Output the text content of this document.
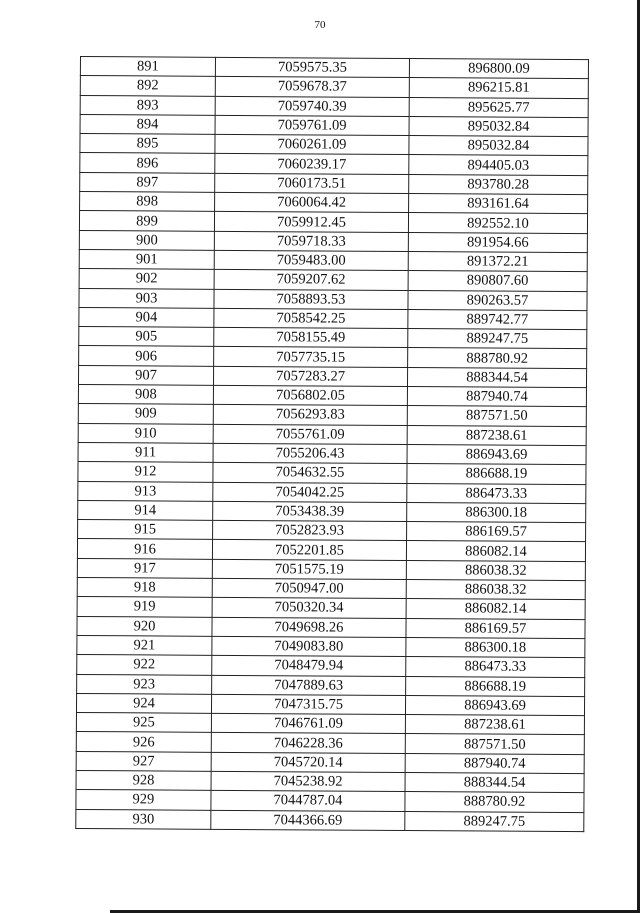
70
891	7059575.35	896800.09
892	7059678.37	896215.81
893	7059740.39	895625.77
894	7059761.09	895032.84
895	7060261.09	895032.84
896	7060239.17	894405.03
897	7060173.51	893780.28
898	7060064.42	893161.64
899	7059912.45	892552.10
900	7059718.33	891954.66
901	7059483.00	891372.21
902	7059207.62	890807.60
903	7058893.53	890263.57
904	7058542.25	889742.77
905	7058155.49	889247.75
906	7057735.15	888780.92
907	7057283.27	888344.54
908	7056802.05	887940.74
909	7056293.83	887571.50
910	7055761.09	887238.61
911	7055206.43	886943.69
912	7054632.55	886688.19
913	7054042.25	886473.33
914	7053438.39	886300.18
915	7052823.93	886169.57
916	7052201.85	886082.14
917	7051575.19	886038.32
918	7050947.00	886038.32
919	7050320.34	886082.14
920	7049698.26	886169.57
921	7049083.80	886300.18
922	7048479.94	886473.33
923	7047889.63	886688.19
924	7047315.75	886943.69
925	7046761.09	887238.61
926	7046228.36	887571.50
927	7045720.14	887940.74
928	7045238.92	888344.54
929	7044787.04	888780.92
930	7044366.69	889247.75
